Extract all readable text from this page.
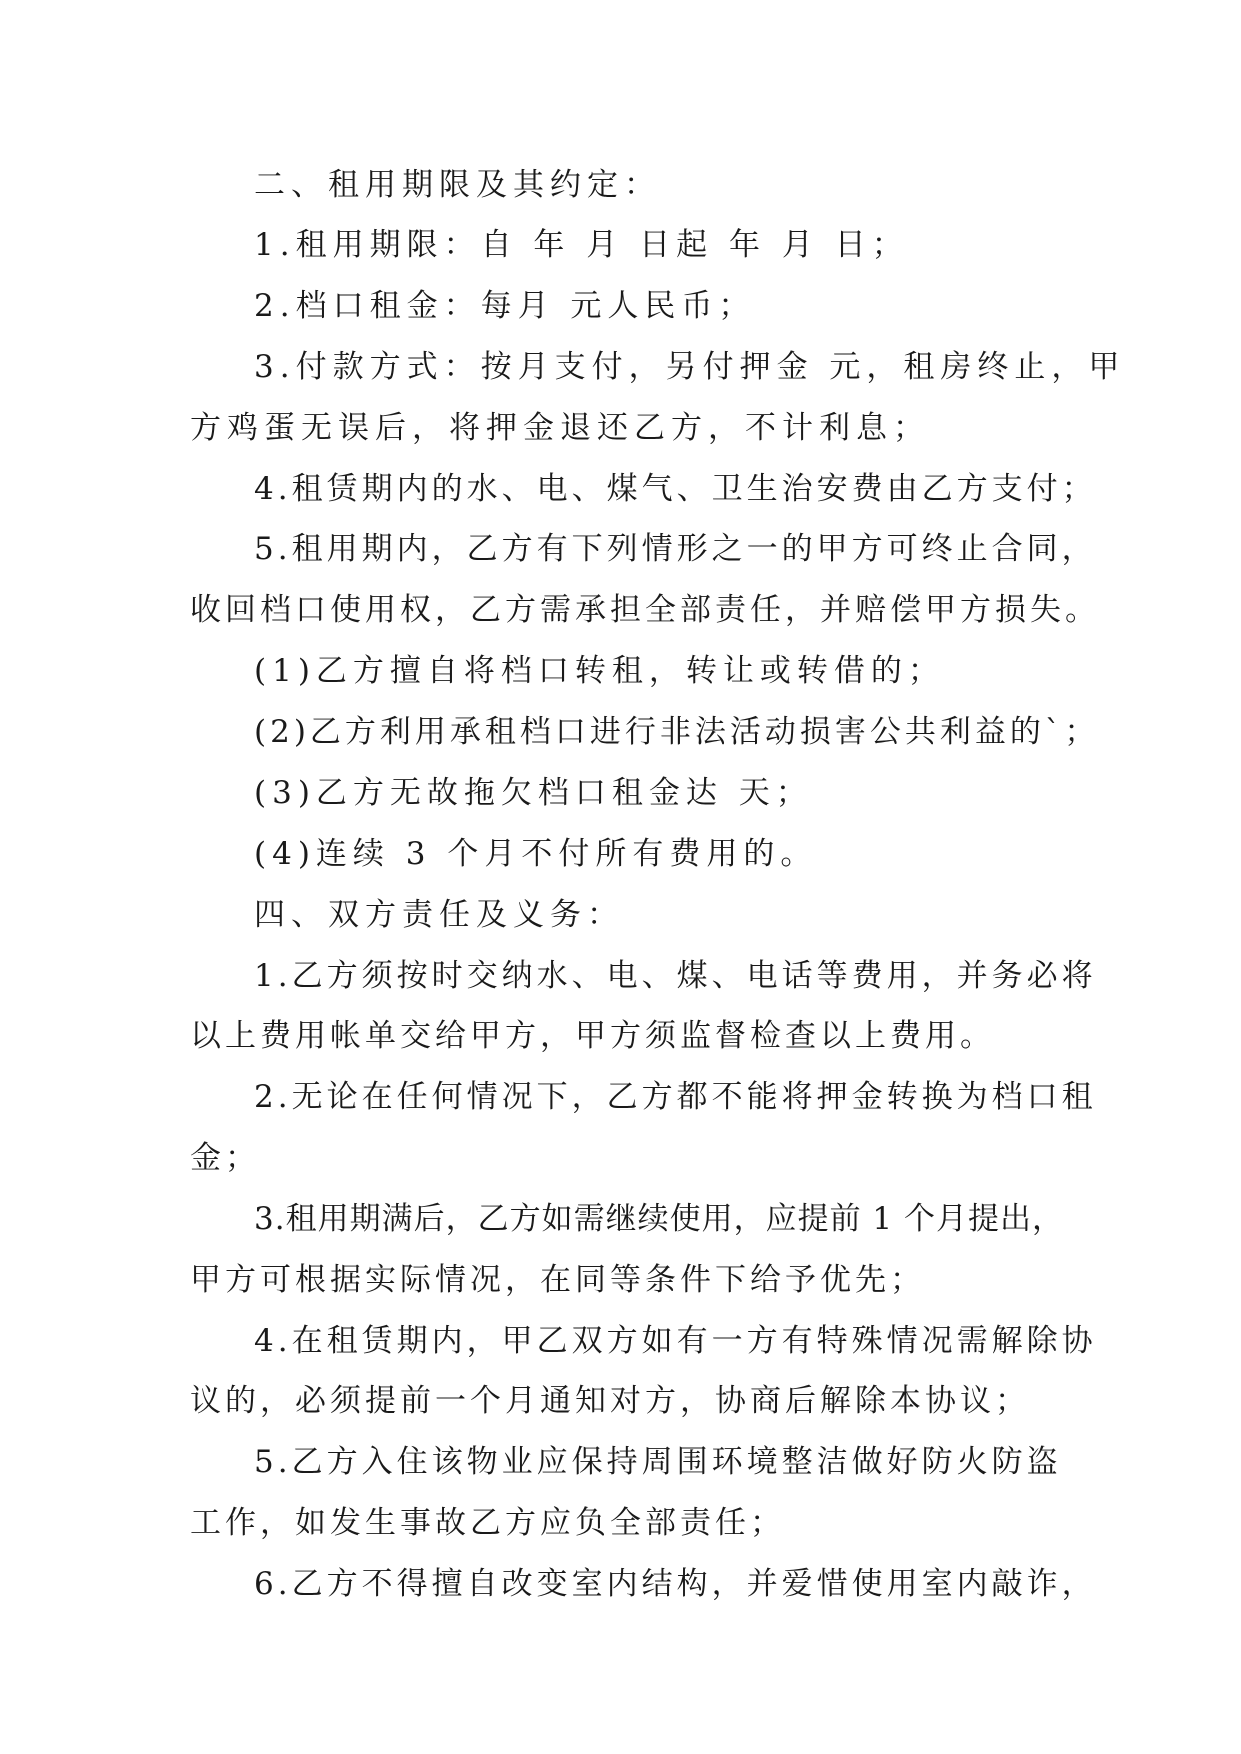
二、租用期限及其约定：
1.租用期限：自 年 月 日起 年 月 日；
2.档口租金：每月 元人民币；
3.付款方式：按月支付，另付押金 元，租房终止，甲
方鸡蛋无误后，将押金退还乙方，不计利息；
4.租赁期内的水、电、煤气、卫生治安费由乙方支付；
5.租用期内，乙方有下列情形之一的甲方可终止合同，
收回档口使用权，乙方需承担全部责任，并赔偿甲方损失。
(1)乙方擅自将档口转租，转让或转借的；
(2)乙方利用承租档口进行非法活动损害公共利益的`；
(3)乙方无故拖欠档口租金达 天；
(4)连续 3 个月不付所有费用的。
四、双方责任及义务：
1.乙方须按时交纳水、电、煤、电话等费用，并务必将
以上费用帐单交给甲方，甲方须监督检查以上费用。
2.无论在任何情况下，乙方都不能将押金转换为档口租
金；
3.租用期满后，乙方如需继续使用，应提前 1 个月提出，
甲方可根据实际情况，在同等条件下给予优先；
4.在租赁期内，甲乙双方如有一方有特殊情况需解除协
议的，必须提前一个月通知对方，协商后解除本协议；
5.乙方入住该物业应保持周围环境整洁做好防火防盗
工作，如发生事故乙方应负全部责任；
6.乙方不得擅自改变室内结构，并爱惜使用室内敲诈，
